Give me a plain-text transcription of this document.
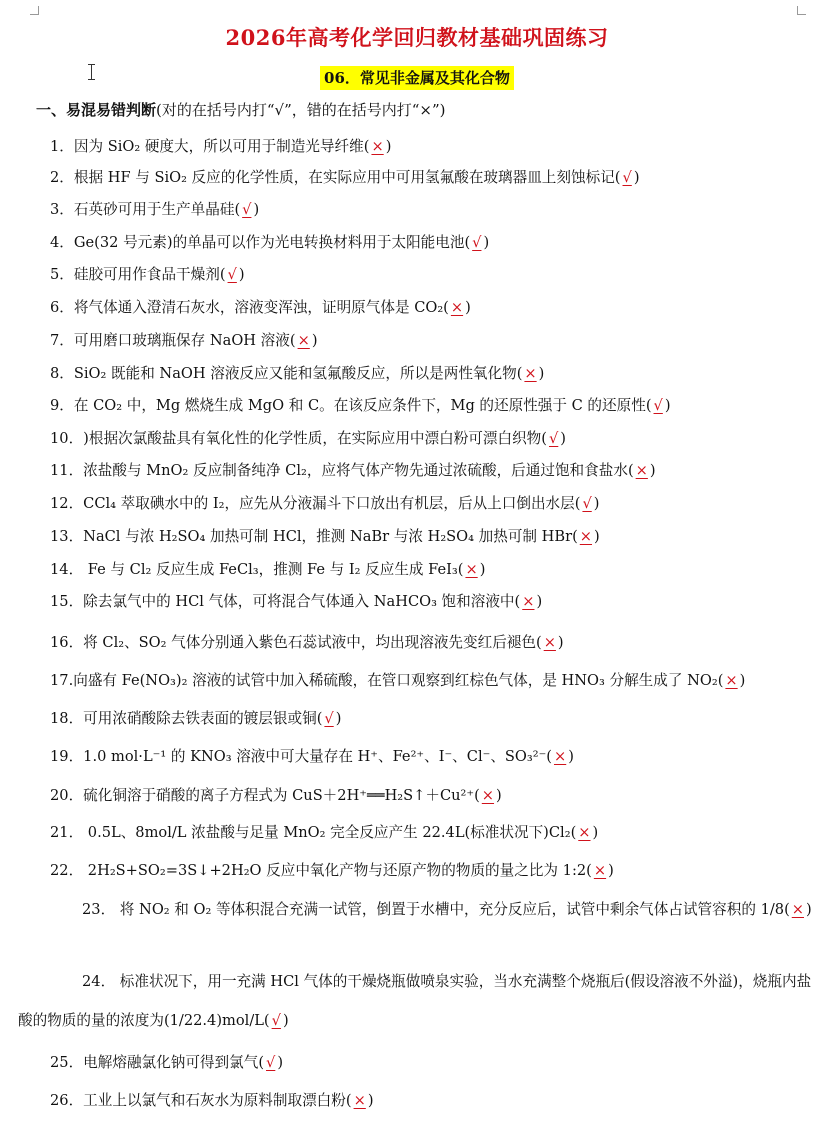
2026年高考化学回归教材基础巩固练习
06．常见非金属及其化合物
一、易混易错判断(对的在括号内打“√”，错的在括号内打“×”)
1．因为 SiO₂ 硬度大，所以可用于制造光导纤维( × )
2．根据 HF 与 SiO₂ 反应的化学性质，在实际应用中可用氢氟酸在玻璃器皿上刻蚀标记( √ )
3．石英砂可用于生产单晶硅( √ )
4．Ge(32 号元素)的单晶可以作为光电转换材料用于太阳能电池( √ )
5．硅胶可用作食品干燥剂( √ )
6．将气体通入澄清石灰水，溶液变浑浊，证明原气体是 CO₂( × )
7．可用磨口玻璃瓶保存 NaOH 溶液( × )
8．SiO₂ 既能和 NaOH 溶液反应又能和氢氟酸反应，所以是两性氧化物( × )
9．在 CO₂ 中，Mg 燃烧生成 MgO 和 C。在该反应条件下，Mg 的还原性强于 C 的还原性( √ )
10．)根据次氯酸盐具有氧化性的化学性质，在实际应用中漂白粉可漂白织物( √ )
11．浓盐酸与 MnO₂ 反应制备纯净 Cl₂，应将气体产物先通过浓硫酸，后通过饱和食盐水( × )
12．CCl₄ 萃取碘水中的 I₂，应先从分液漏斗下口放出有机层，后从上口倒出水层( √ )
13．NaCl 与浓 H₂SO₄ 加热可制 HCl，推测 NaBr 与浓 H₂SO₄ 加热可制 HBr( × )
14． Fe 与 Cl₂ 反应生成 FeCl₃，推测 Fe 与 I₂ 反应生成 FeI₃( × )
15．除去氯气中的 HCl 气体，可将混合气体通入 NaHCO₃ 饱和溶液中( × )
16．将 Cl₂、SO₂ 气体分别通入紫色石蕊试液中，均出现溶液先变红后褪色( × )
17.向盛有 Fe(NO₃)₂ 溶液的试管中加入稀硫酸，在管口观察到红棕色气体，是 HNO₃ 分解生成了 NO₂( × )
18．可用浓硝酸除去铁表面的镀层银或铜( √ )
19．1.0 mol·L⁻¹ 的 KNO₃ 溶液中可大量存在 H⁺、Fe²⁺、I⁻、Cl⁻、SO₃²⁻( × )
20．硫化铜溶于硝酸的离子方程式为 CuS＋2H⁺══H₂S↑＋Cu²⁺( × )
21． 0.5L、8mol/L 浓盐酸与足量 MnO₂ 完全反应产生 22.4L(标准状况下)Cl₂( × )
22． 2H₂S+SO₂=3S↓+2H₂O 反应中氧化产物与还原产物的物质的量之比为 1:2( × )
23． 将 NO₂ 和 O₂ 等体积混合充满一试管，倒置于水槽中，充分反应后，试管中剩余气体占试管容积的 1/8( × )
24． 标准状况下，用一充满 HCl 气体的干燥烧瓶做喷泉实验，当水充满整个烧瓶后(假设溶液不外溢)，烧瓶内盐酸的物质的量的浓度为(1/22.4)mol/L( √ )
25．电解熔融氯化钠可得到氯气( √ )
26．工业上以氯气和石灰水为原料制取漂白粉( × )
